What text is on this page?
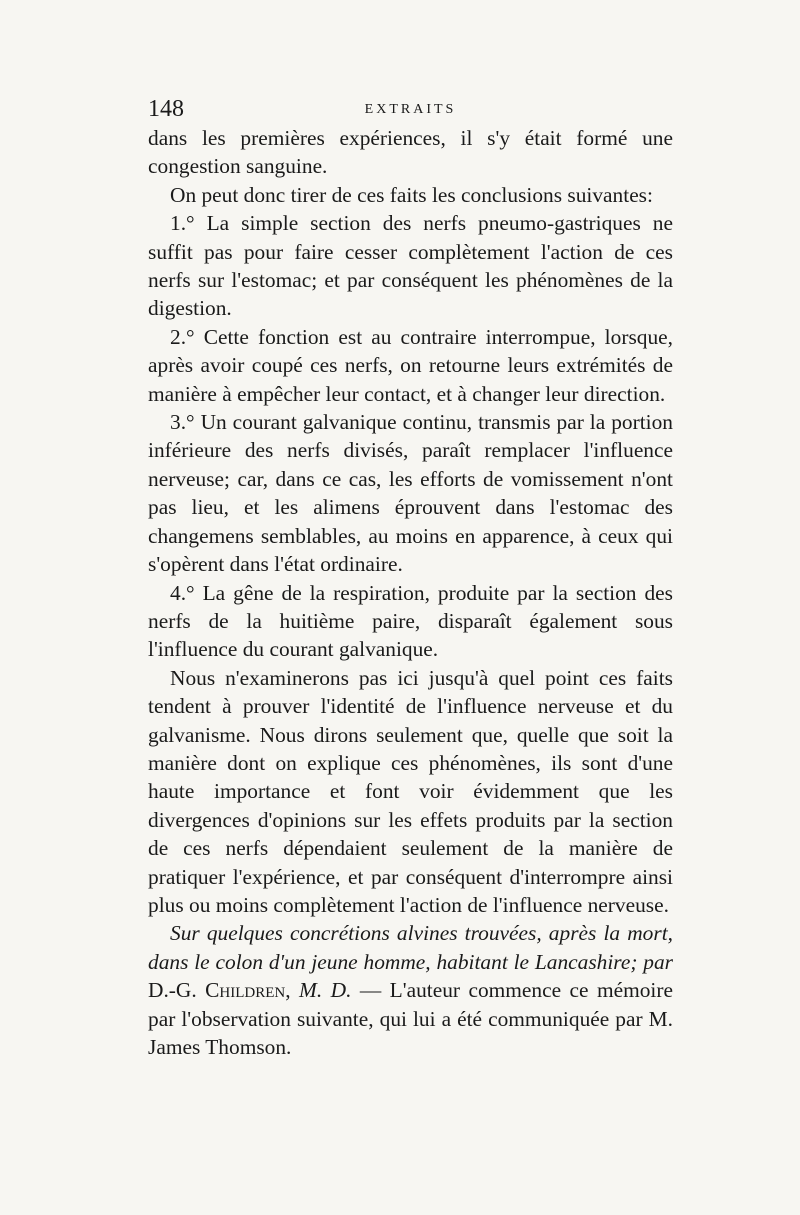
148	EXTRAITS

dans les premières expériences, il s'y était formé une congestion sanguine.

On peut donc tirer de ces faits les conclusions suivantes:

1.° La simple section des nerfs pneumo-gastriques ne suffit pas pour faire cesser complètement l'action de ces nerfs sur l'estomac; et par conséquent les phénomènes de la digestion.

2.° Cette fonction est au contraire interrompue, lorsque, après avoir coupé ces nerfs, on retourne leurs extrémités de manière à empêcher leur contact, et à changer leur direction.

3.° Un courant galvanique continu, transmis par la portion inférieure des nerfs divisés, paraît remplacer l'influence nerveuse; car, dans ce cas, les efforts de vomissement n'ont pas lieu, et les alimens éprouvent dans l'estomac des changemens semblables, au moins en apparence, à ceux qui s'opèrent dans l'état ordinaire.

4.° La gêne de la respiration, produite par la section des nerfs de la huitième paire, disparaît également sous l'influence du courant galvanique.

Nous n'examinerons pas ici jusqu'à quel point ces faits tendent à prouver l'identité de l'influence nerveuse et du galvanisme. Nous dirons seulement que, quelle que soit la manière dont on explique ces phénomènes, ils sont d'une haute importance et font voir évidemment que les divergences d'opinions sur les effets produits par la section de ces nerfs dépendaient seulement de la manière de pratiquer l'expérience, et par conséquent d'interrompre ainsi plus ou moins complètement l'action de l'influence nerveuse.

Sur quelques concrétions alvines trouvées, après la mort, dans le colon d'un jeune homme, habitant le Lancashire; par D.-G. Children, M. D. — L'auteur commence ce mémoire par l'observation suivante, qui lui a été communiquée par M. James Thomson.
